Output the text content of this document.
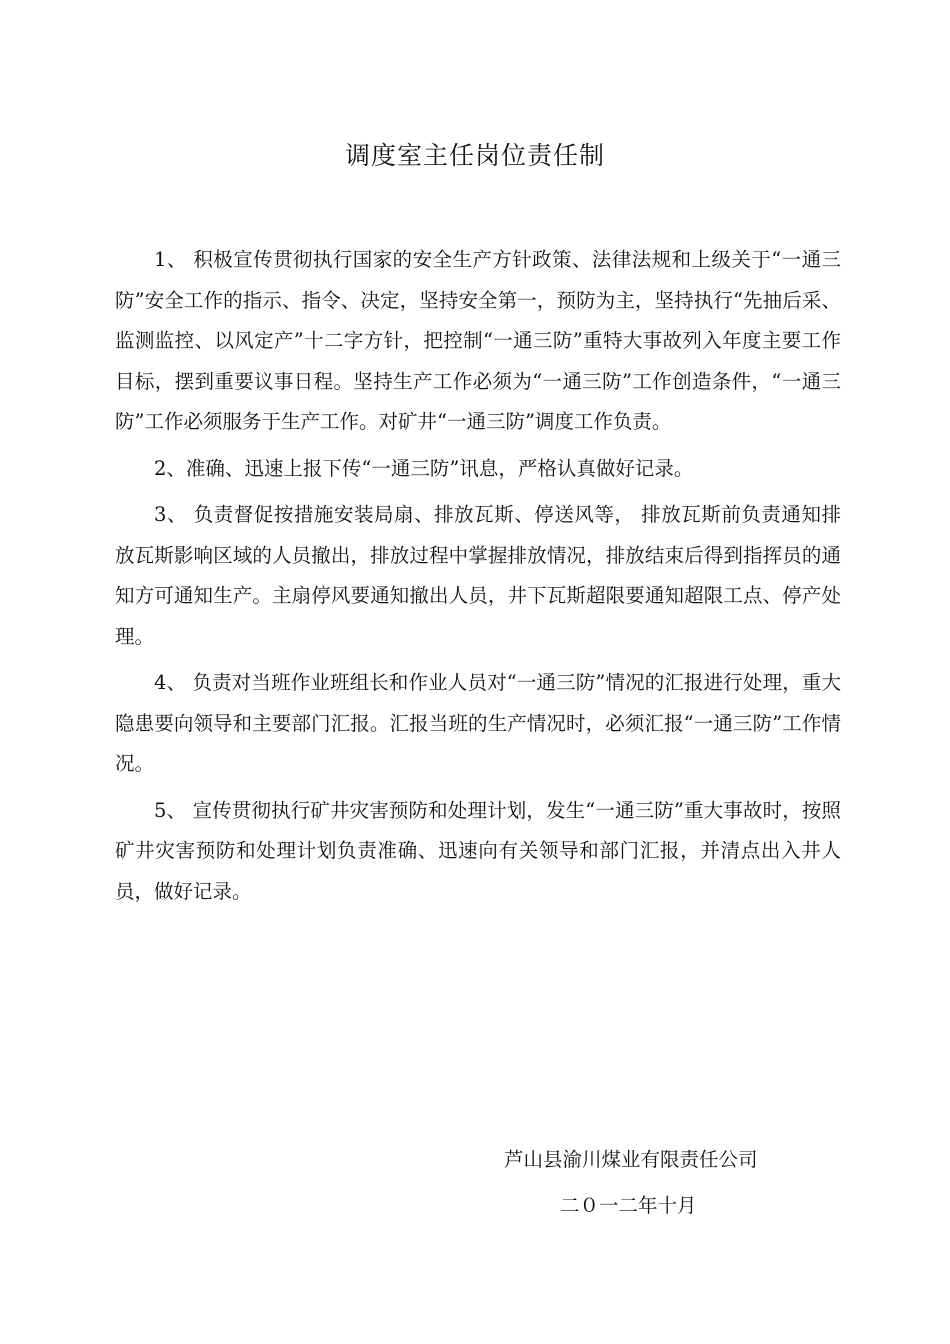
调度室主任岗位责任制

1、 积极宣传贯彻执行国家的安全生产方针政策、法律法规和上级关于“一通三防”安全工作的指示、指令、决定，坚持安全第一，预防为主，坚持执行“先抽后采、监测监控、以风定产”十二字方针，把控制“一通三防”重特大事故列入年度主要工作目标，摆到重要议事日程。坚持生产工作必须为“一通三防”工作创造条件，“一通三防”工作必须服务于生产工作。对矿井“一通三防”调度工作负责。

2、准确、迅速上报下传“一通三防”讯息，严格认真做好记录。

3、 负责督促按措施安装局扇、排放瓦斯、停送风等， 排放瓦斯前负责通知排放瓦斯影响区域的人员撤出，排放过程中掌握排放情况，排放结束后得到指挥员的通知方可通知生产。主扇停风要通知撤出人员，井下瓦斯超限要通知超限工点、停产处理。

4、 负责对当班作业班组长和作业人员对“一通三防”情况的汇报进行处理，重大隐患要向领导和主要部门汇报。汇报当班的生产情况时，必须汇报“一通三防”工作情况。

5、 宣传贯彻执行矿井灾害预防和处理计划，发生“一通三防”重大事故时，按照矿井灾害预防和处理计划负责准确、迅速向有关领导和部门汇报，并清点出入井人员，做好记录。

芦山县渝川煤业有限责任公司
二０一二年十月
